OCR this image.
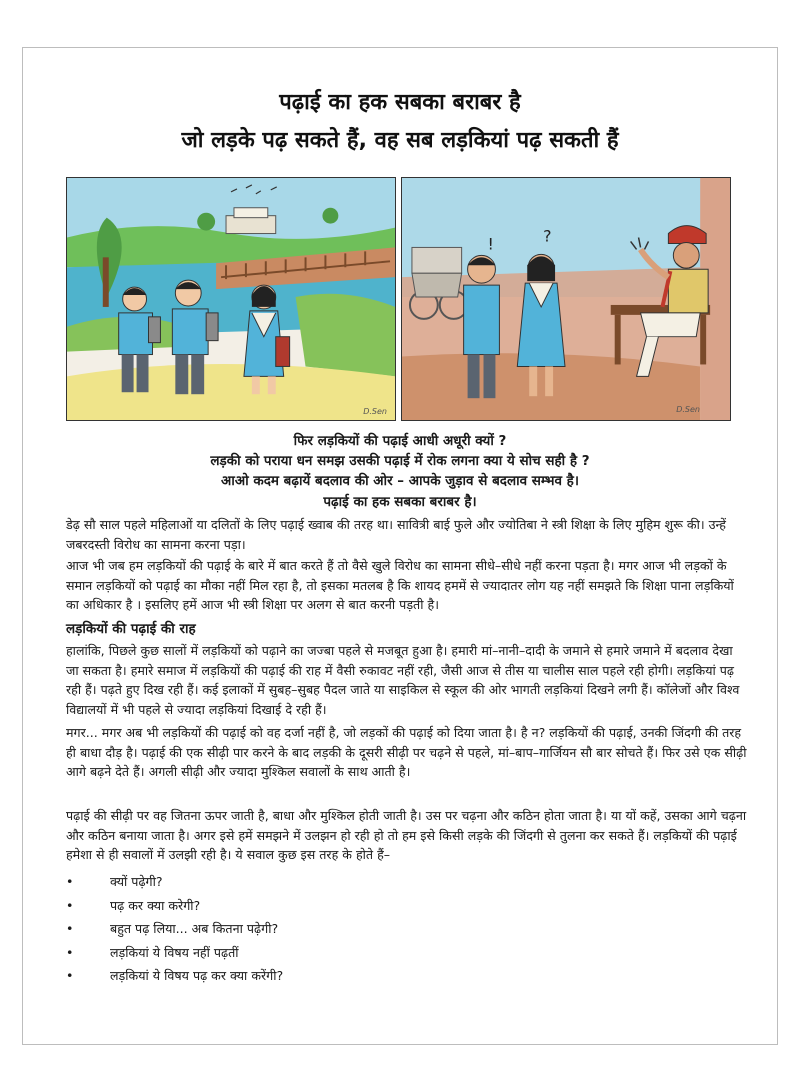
पढ़ाई का हक सबका बराबर है
जो लड़के पढ़ सकते हैं, वह सब लड़कियां पढ़ सकती हैं
D.Sen
!	?
D.Sen
फिर लड़कियों की पढ़ाई आधी अधूरी क्यों ?
लड़की को पराया धन समझ उसकी पढ़ाई में रोक लगना क्या ये सोच सही है ?
आओ कदम बढ़ायें बदलाव की ओर – आपके जुड़ाव से बदलाव सम्भव है।
पढ़ाई का हक सबका बराबर है।
डेढ़ सौ साल पहले महिलाओं या दलितों के लिए पढ़ाई ख्वाब की तरह था। सावित्री बाई फुले और ज्योतिबा ने स्त्री शिक्षा के लिए मुहिम शुरू की। उन्हें जबरदस्ती विरोध का सामना करना पड़ा।
आज भी जब हम लड़कियों की पढ़ाई के बारे में बात करते हैं तो वैसे खुले विरोध का सामना सीधे–सीधे नहीं करना पड़ता है। मगर आज भी लड़कों के समान लड़कियों को पढ़ाई का मौका नहीं मिल रहा है, तो इसका मतलब है कि शायद हममें से ज्यादातर लोग यह नहीं समझते कि शिक्षा पाना लड़कियों का अधिकार है । इसलिए हमें आज भी स्त्री शिक्षा पर अलग से बात करनी पड़ती है।
लड़कियों की पढ़ाई की राह
हालांकि, पिछले कुछ सालों में लड़कियों को पढ़ाने का जज्बा पहले से मजबूत हुआ है। हमारी मां–नानी–दादी के जमाने से हमारे जमाने में बदलाव देखा जा सकता है। हमारे समाज में लड़कियों की पढ़ाई की राह में वैसी रुकावट नहीं रही, जैसी आज से तीस या चालीस साल पहले रही होगी। लड़कियां पढ़ रही हैं। पढ़ते हुए दिख रही हैं। कई इलाकों में सुबह–सुबह पैदल जाते या साइकिल से स्कूल की ओर भागती लड़कियां दिखने लगी हैं। कॉलेजों और विश्व विद्यालयों में भी पहले से ज्यादा लड़कियां दिखाई दे रही हैं।
मगर... मगर अब भी लड़कियों की पढ़ाई को वह दर्जा नहीं है, जो लड़कों की पढ़ाई को दिया जाता है। है न? लड़कियों की पढ़ाई, उनकी जिंदगी की तरह ही बाधा दौड़ है। पढ़ाई की एक सीढ़ी पार करने के बाद लड़की के दूसरी सीढ़ी पर चढ़ने से पहले, मां–बाप–गार्जियन सौ बार सोचते हैं। फिर उसे एक सीढ़ी आगे बढ़ने देते हैं। अगली सीढ़ी और ज्यादा मुश्किल सवालों के साथ आती है।
पढ़ाई की सीढ़ी पर वह जितना ऊपर जाती है, बाधा और मुश्किल होती जाती है। उस पर चढ़ना और कठिन होता जाता है। या यों कहें, उसका आगे चढ़ना और कठिन बनाया जाता है। अगर इसे हमें समझने में उलझन हो रही हो तो हम इसे किसी लड़के की जिंदगी से तुलना कर सकते हैं। लड़कियों की पढ़ाई हमेशा से ही सवालों में उलझी रही है। ये सवाल कुछ इस तरह के होते हैं–
•	क्यों पढ़ेगी?
•	पढ़ कर क्या करेगी?
•	बहुत पढ़ लिया... अब कितना पढ़ेगी?
•	लड़कियां ये विषय नहीं पढ़तीं
•	लड़कियां ये विषय पढ़ कर क्या करेंगी?
